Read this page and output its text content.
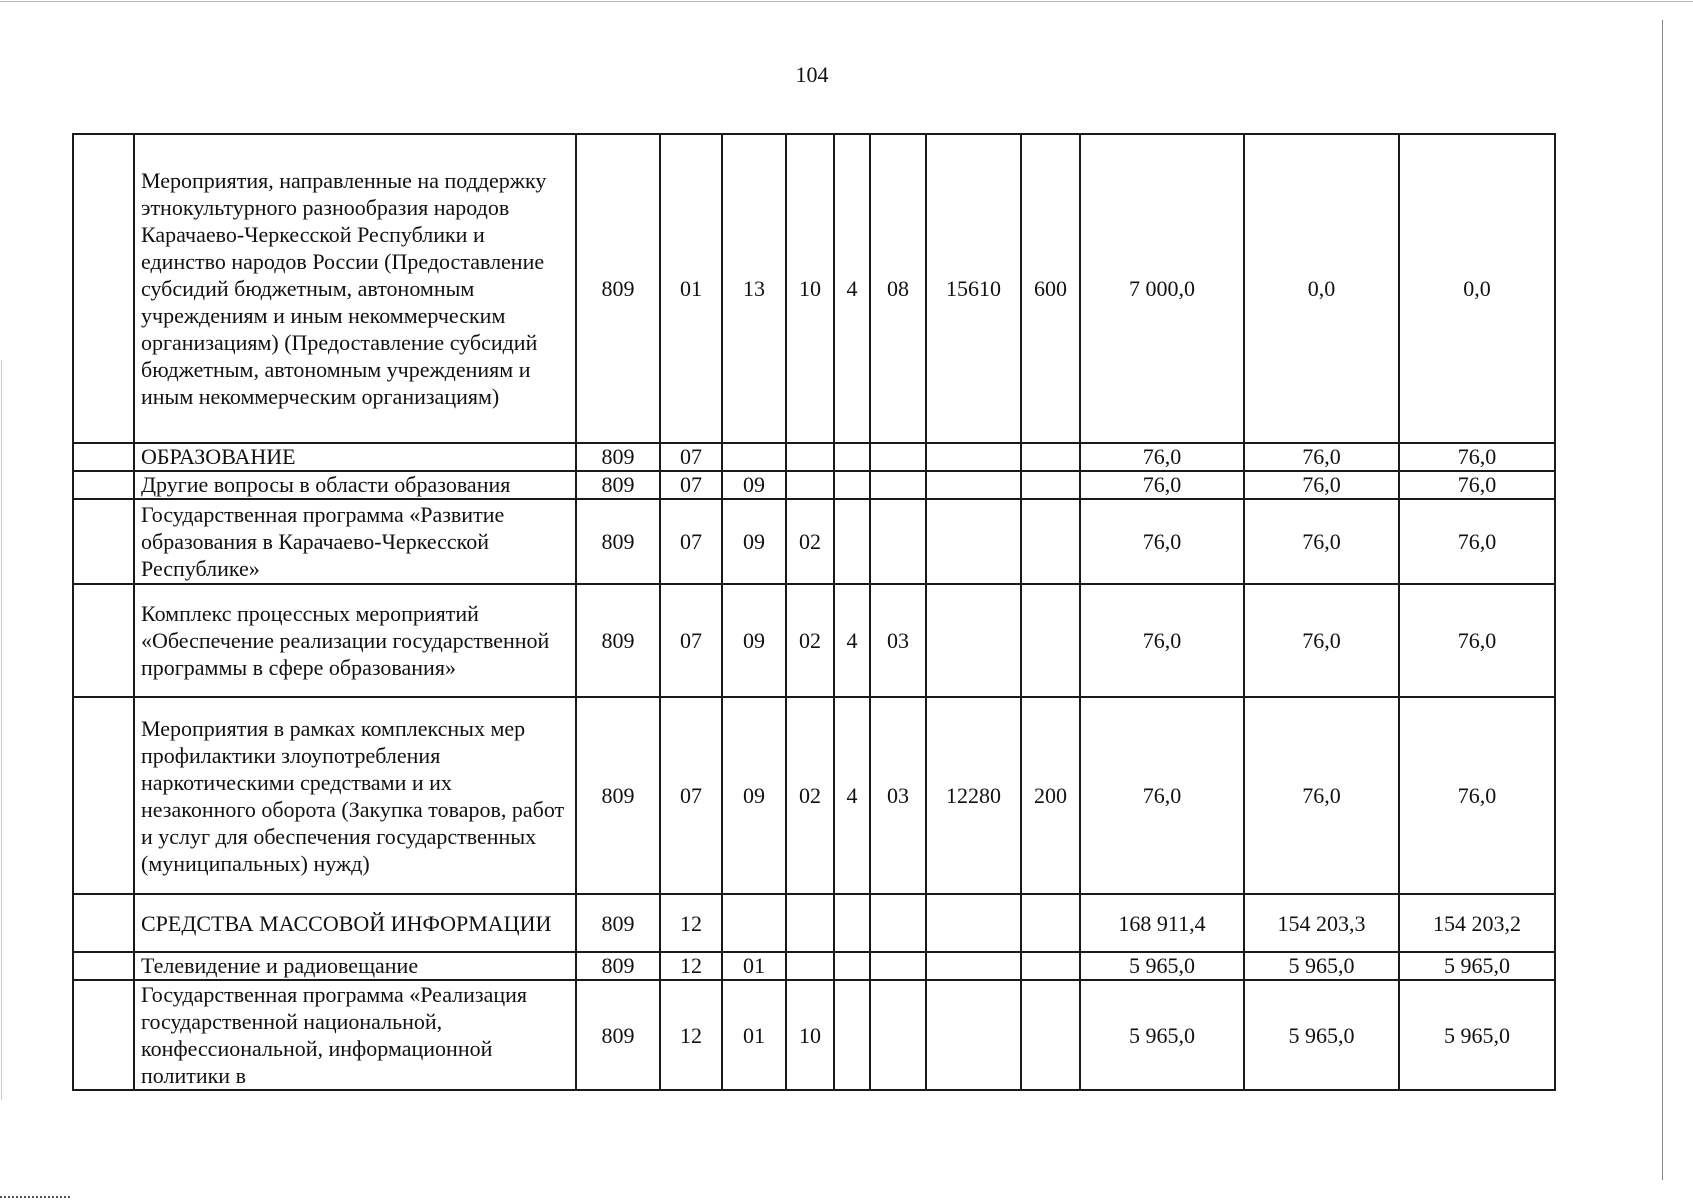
104
	Мероприятия, направленные на поддержку этнокультурного разнообразия народов Карачаево-Черкесской Республики и единство народов России (Предоставление субсидий бюджетным, автономным учреждениям и иным некоммерческим организациям) (Предоставление субсидий бюджетным, автономным учреждениям и иным некоммерческим организациям)	809	01	13	10	4	08	15610	600	7 000,0	0,0	0,0
	ОБРАЗОВАНИЕ	809	07							76,0	76,0	76,0
	Другие вопросы в области образования	809	07	09						76,0	76,0	76,0
	Государственная программа «Развитие образования в Карачаево-Черкесской Республике»	809	07	09	02					76,0	76,0	76,0
	Комплекс процессных мероприятий «Обеспечение реализации государственной программы в сфере образования»	809	07	09	02	4	03			76,0	76,0	76,0
	Мероприятия в рамках комплексных мер профилактики злоупотребления наркотическими средствами и их незаконного оборота (Закупка товаров, работ и услуг для обеспечения государственных (муниципальных) нужд)	809	07	09	02	4	03	12280	200	76,0	76,0	76,0
	СРЕДСТВА МАССОВОЙ ИНФОРМАЦИИ	809	12							168 911,4	154 203,3	154 203,2
	Телевидение и радиовещание	809	12	01						5 965,0	5 965,0	5 965,0
	Государственная программа «Реализация государственной национальной, конфессиональной, информационной политики в	809	12	01	10					5 965,0	5 965,0	5 965,0
